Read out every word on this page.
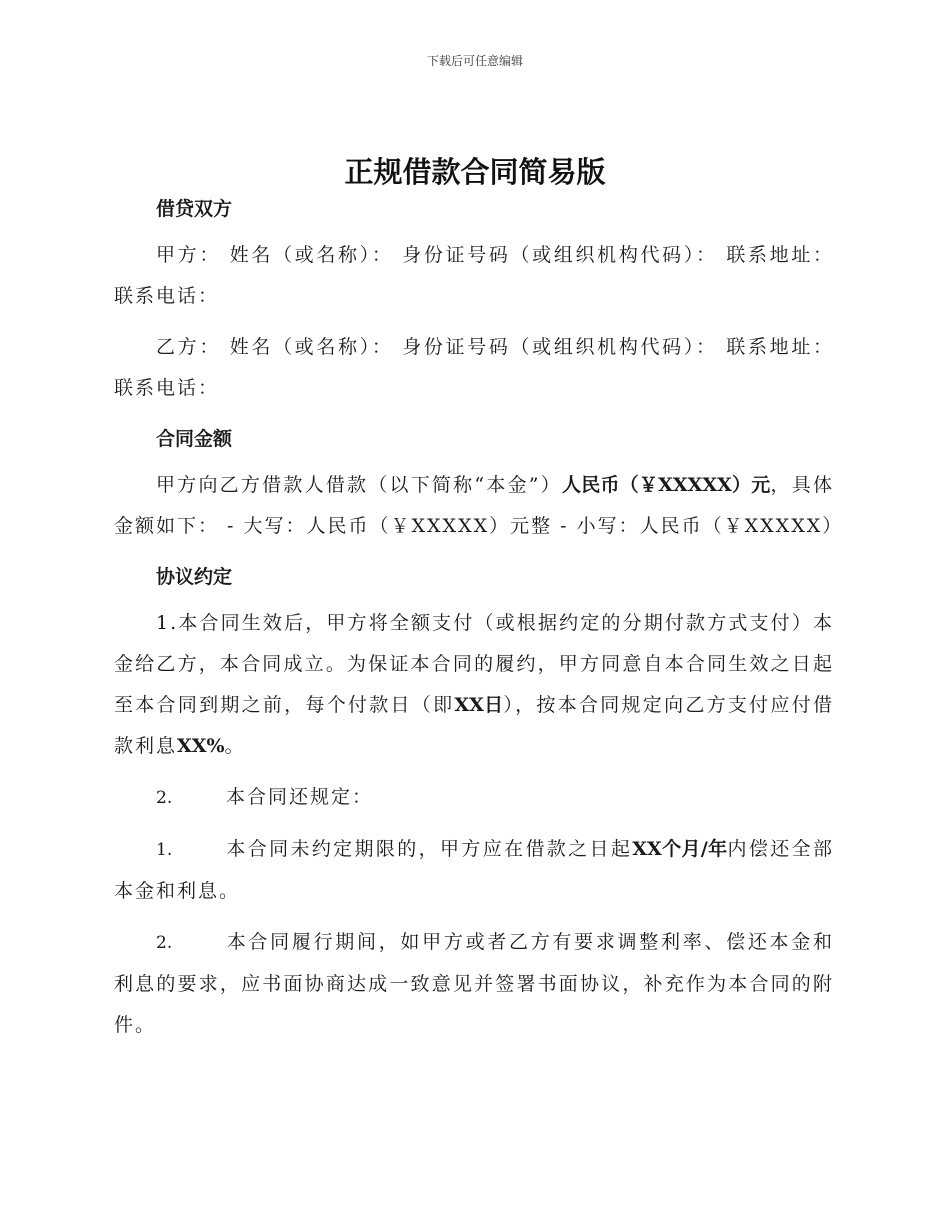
下载后可任意编辑
正规借款合同简易版
借贷双方

甲方： 姓名（或名称）： 身份证号码（或组织机构代码）： 联系地址： 联系电话：

乙方： 姓名（或名称）： 身份证号码（或组织机构代码）： 联系地址： 联系电话：

合同金额

甲方向乙方借款人借款（以下简称“本金”）人民币（￥XXXXX）元，具体金额如下： - 大写：人民币（￥XXXXX）元整 - 小写：人民币（￥XXXXX）

协议约定

1.本合同生效后，甲方将全额支付（或根据约定的分期付款方式支付）本金给乙方，本合同成立。为保证本合同的履约，甲方同意自本合同生效之日起至本合同到期之前，每个付款日（即XX日），按本合同规定向乙方支付应付借款利息XX%。

2.	本合同还规定：

1.	本合同未约定期限的，甲方应在借款之日起XX个月/年内偿还全部本金和利息。

2.	本合同履行期间，如甲方或者乙方有要求调整利率、偿还本金和利息的要求，应书面协商达成一致意见并签署书面协议，补充作为本合同的附件。
